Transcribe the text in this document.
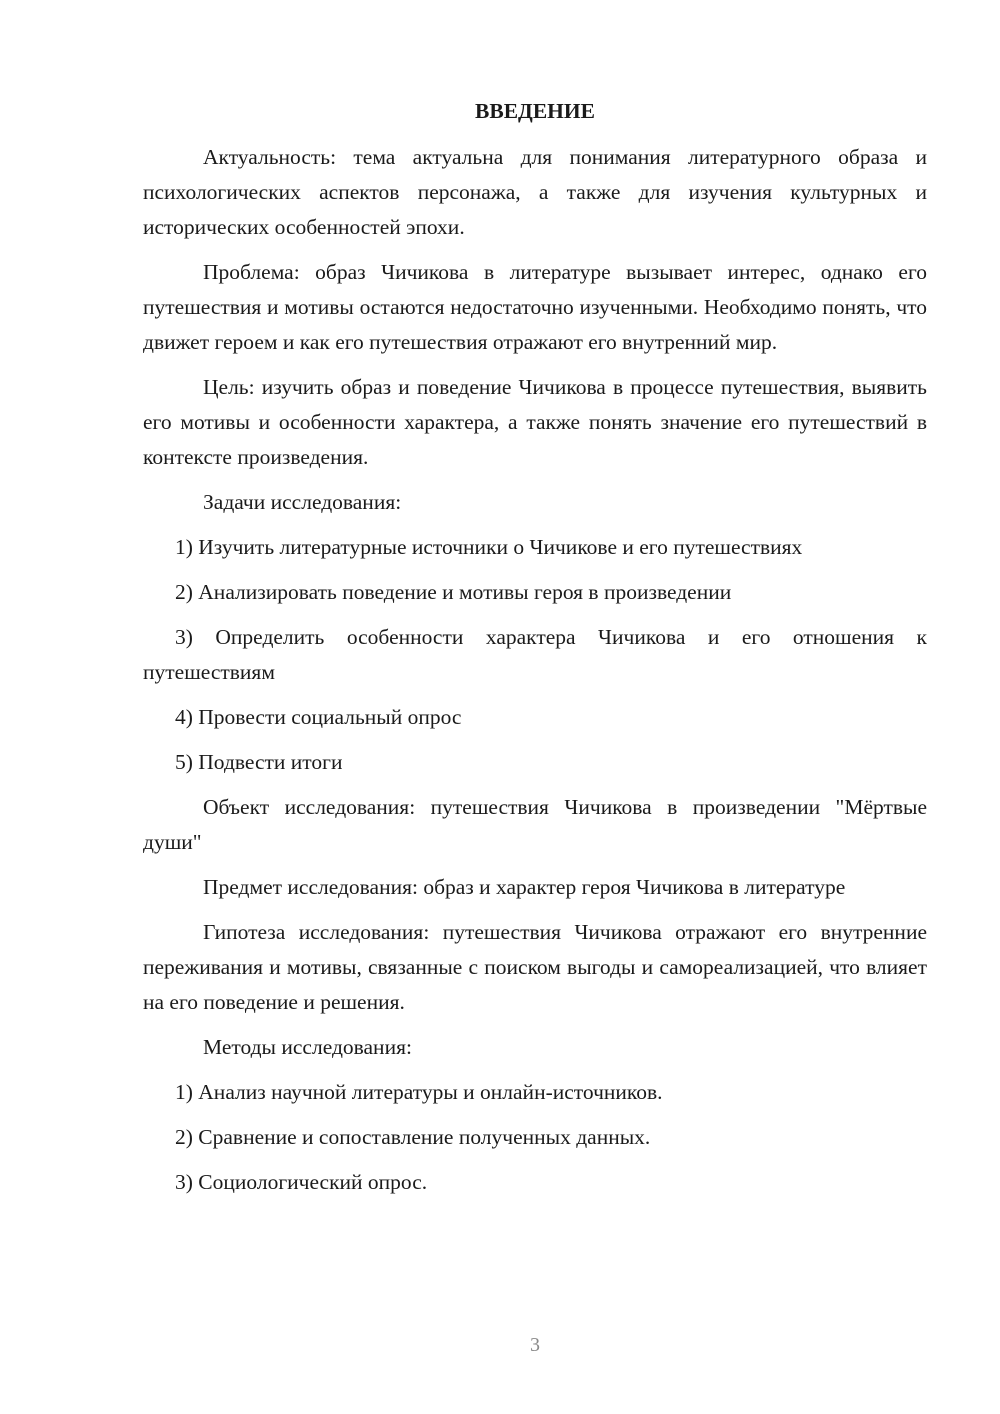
ВВЕДЕНИЕ

Актуальность: тема актуальна для понимания литературного образа и психологических аспектов персонажа, а также для изучения культурных и исторических особенностей эпохи.

Проблема: образ Чичикова в литературе вызывает интерес, однако его путешествия и мотивы остаются недостаточно изученными. Необходимо понять, что движет героем и как его путешествия отражают его внутренний мир.

Цель: изучить образ и поведение Чичикова в процессе путешествия, выявить его мотивы и особенности характера, а также понять значение его путешествий в контексте произведения.

Задачи исследования:

1) Изучить литературные источники о Чичикове и его путешествиях

2) Анализировать поведение и мотивы героя в произведении

3) Определить особенности характера Чичикова и его отношения к путешествиям

4) Провести социальный опрос

5) Подвести итоги

Объект исследования: путешествия Чичикова в произведении "Мёртвые души"

Предмет исследования: образ и характер героя Чичикова в литературе

Гипотеза исследования: путешествия Чичикова отражают его внутренние переживания и мотивы, связанные с поиском выгоды и самореализацией, что влияет на его поведение и решения.

Методы исследования:

1) Анализ научной литературы и онлайн-источников.

2) Сравнение и сопоставление полученных данных.

3) Социологический опрос.

3
